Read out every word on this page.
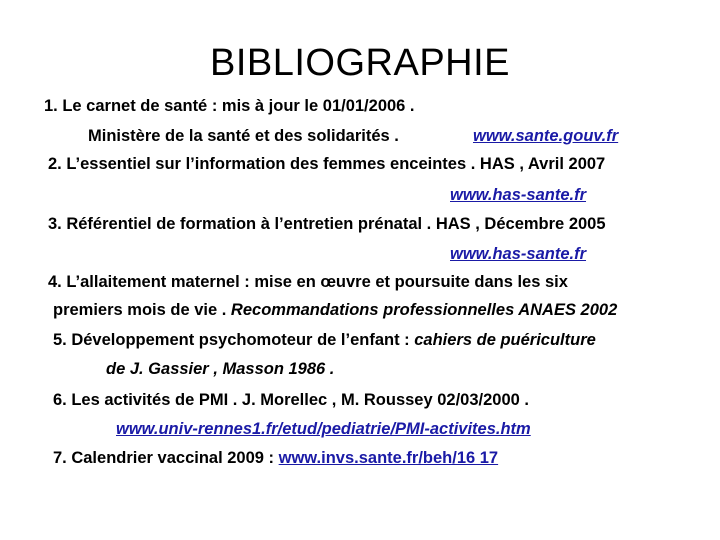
BIBLIOGRAPHIE
1. Le carnet de santé : mis à jour le 01/01/2006 .
Ministère de la santé et des solidarités .	www.sante.gouv.fr
2. L’essentiel sur l’information des femmes enceintes . HAS , Avril 2007
www.has-sante.fr
3. Référentiel de formation à l’entretien prénatal . HAS , Décembre 2005
www.has-sante.fr
4. L’allaitement maternel : mise en œuvre et poursuite dans les six
premiers mois de vie . Recommandations professionnelles ANAES 2002
5. Développement psychomoteur de l’enfant : cahiers de puériculture
de J. Gassier , Masson 1986 .
6. Les activités de PMI . J. Morellec , M. Roussey 02/03/2000 .
www.univ-rennes1.fr/etud/pediatrie/PMI-activites.htm
7. Calendrier vaccinal 2009 : www.invs.sante.fr/beh/16 17
